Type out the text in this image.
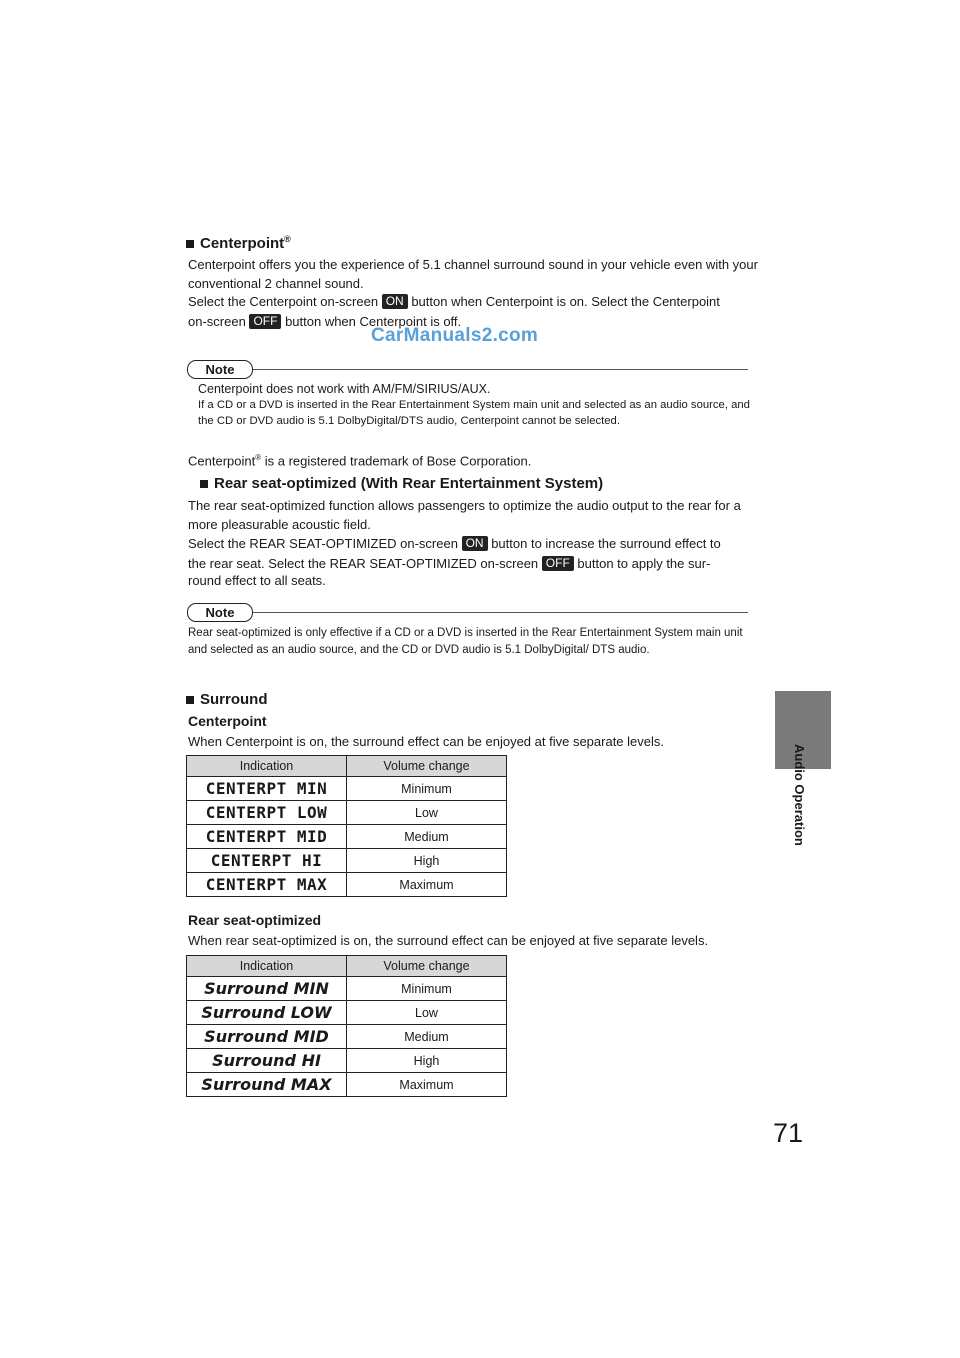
Centerpoint®
Centerpoint offers you the experience of 5.1 channel surround sound in your vehicle even with your conventional 2 channel sound.
Select the Centerpoint on-screen ON button when Centerpoint is on. Select the Centerpoint
on-screen OFF button when Centerpoint is off.
CarManuals2.com
Note
Centerpoint does not work with AM/FM/SIRIUS/AUX.
If a CD or a DVD is inserted in the Rear Entertainment System main unit and selected as an audio source, and the CD or DVD audio is 5.1 DolbyDigital/DTS audio, Centerpoint cannot be selected.
Centerpoint® is a registered trademark of Bose Corporation.
Rear seat-optimized (With Rear Entertainment System)
The rear seat-optimized function allows passengers to optimize the audio output to the rear for a more pleasurable acoustic field.
Select the REAR SEAT-OPTIMIZED on-screen ON button to increase the surround effect to
the rear seat. Select the REAR SEAT-OPTIMIZED on-screen OFF button to apply the sur-
round effect to all seats.
Note
Rear seat-optimized is only effective if a CD or a DVD is inserted in the Rear Entertainment System main unit and selected as an audio source, and the CD or DVD audio is 5.1 DolbyDigital/ DTS audio.
Surround
Centerpoint
When Centerpoint is on, the surround effect can be enjoyed at five separate levels.
Indication	Volume change
CENTERPT MIN	Minimum
CENTERPT LOW	Low
CENTERPT MID	Medium
CENTERPT HI	High
CENTERPT MAX	Maximum
Rear seat-optimized
When rear seat-optimized is on, the surround effect can be enjoyed at five separate levels.
Indication	Volume change
Surround MIN	Minimum
Surround LOW	Low
Surround MID	Medium
Surround HI	High
Surround MAX	Maximum
Audio Operation
71
